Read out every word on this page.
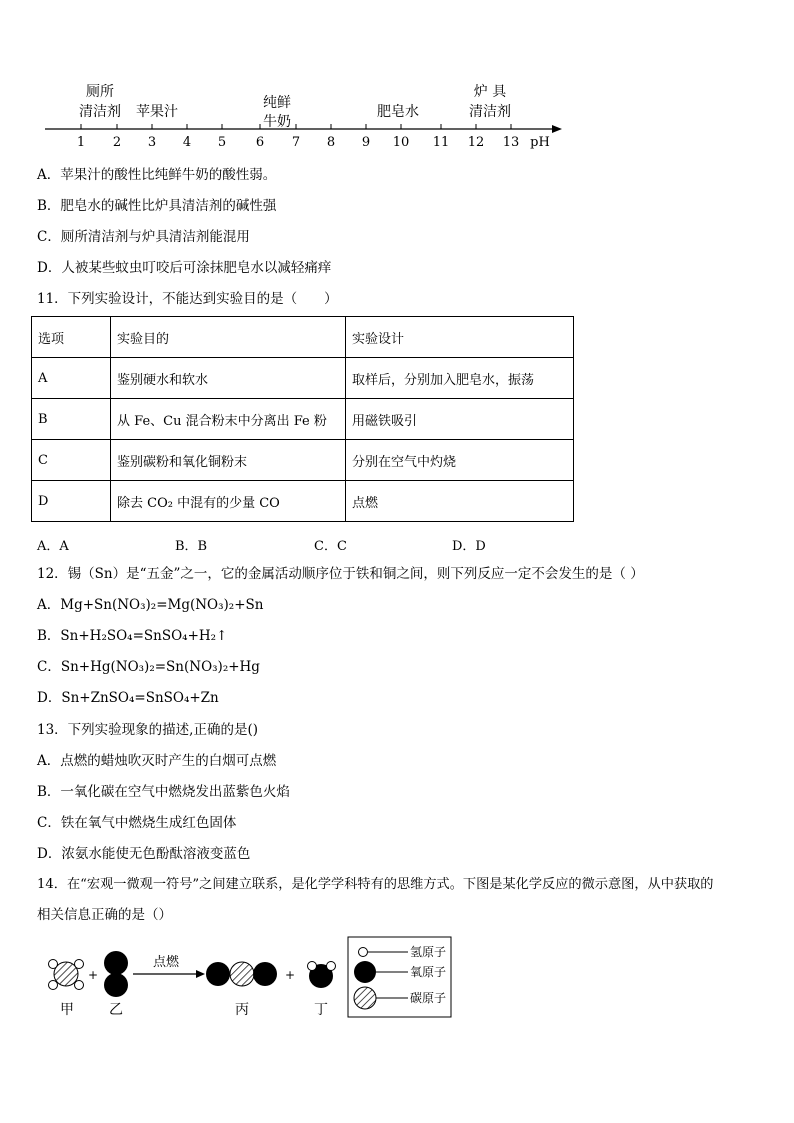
1 2 3 4 5 6 7 8 9 10 11 12 13 pH
厕所
清洁剂 苹果汁
纯鲜
牛奶
肥皂水
炉 具
清洁剂
A．苹果汁的酸性比纯鲜牛奶的酸性弱。
B．肥皂水的碱性比炉具清洁剂的碱性强
C．厕所清洁剂与炉具清洁剂能混用
D．人被某些蚊虫叮咬后可涂抹肥皂水以减轻痛痒
11．下列实验设计，不能达到实验目的是（　　）
选项	实验目的	实验设计
A	鉴别硬水和软水	取样后，分别加入肥皂水，振荡
B	从 Fe、Cu 混合粉末中分离出 Fe 粉	用磁铁吸引
C	鉴别碳粉和氧化铜粉末	分别在空气中灼烧
D	除去 CO₂ 中混有的少量 CO	点燃
A．A	B．B	C．C	D．D
12．锡（Sn）是“五金”之一，它的金属活动顺序位于铁和铜之间，则下列反应一定不会发生的是（ ）
A．Mg+Sn(NO₃)₂=Mg(NO₃)₂+Sn
B．Sn+H₂SO₄=SnSO₄+H₂↑
C．Sn+Hg(NO₃)₂=Sn(NO₃)₂+Hg
D．Sn+ZnSO₄=SnSO₄+Zn
13．下列实验现象的描述,正确的是()
A．点燃的蜡烛吹灭时产生的白烟可点燃
B．一氧化碳在空气中燃烧发出蓝紫色火焰
C．铁在氧气中燃烧生成红色固体
D．浓氨水能使无色酚酞溶液变蓝色
14．在“宏观一微观一符号”之间建立联系，是化学学科特有的思维方式。下图是某化学反应的微示意图，从中获取的
相关信息正确的是（）
+
点燃
+
甲	乙	丙	丁
氢原子
氧原子
碳原子
